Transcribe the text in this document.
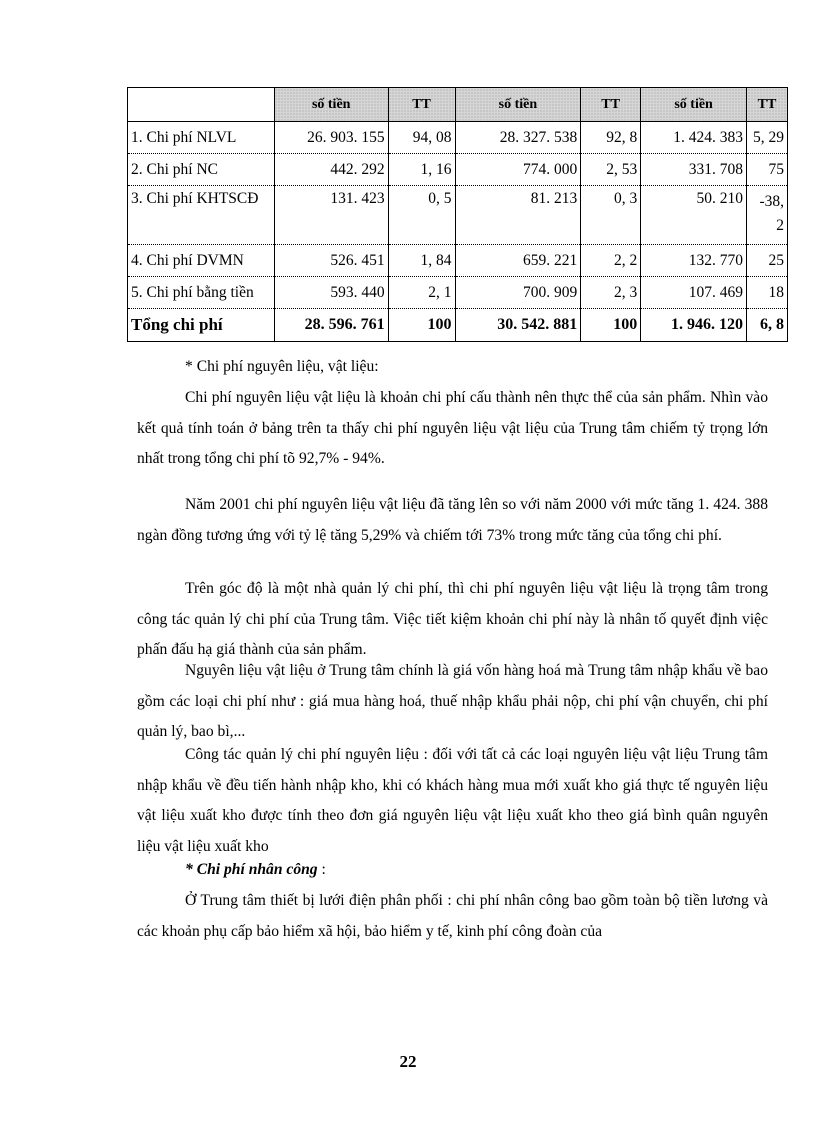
	số tiền	TT	số tiền	TT	số tiền	TT
1. Chi phí NLVL	26. 903. 155	94, 08	28. 327. 538	92, 8	1. 424. 383	5, 29
2. Chi phí NC	442. 292	1, 16	774. 000	2, 53	331. 708	75
3. Chi phí KHTSCĐ	131. 423	0, 5	81. 213	0, 3	50. 210	-38, 2
4. Chi phí DVMN	526. 451	1, 84	659. 221	2, 2	132. 770	25
5. Chi phí bằng tiền	593. 440	2, 1	700. 909	2, 3	107. 469	18
Tổng chi phí	28. 596. 761	100	30. 542. 881	100	1. 946. 120	6, 8

* Chi phí nguyên liệu, vật liệu:

Chi phí nguyên liệu vật liệu là khoản chi phí cấu thành nên thực thể của sản phẩm. Nhìn vào kết quả tính toán ở bảng trên ta thấy chi phí nguyên liệu vật liệu của Trung tâm chiếm tỷ trọng lớn nhất trong tổng chi phí tõ 92,7% - 94%.

Năm 2001 chi phí nguyên liệu vật liệu đã tăng lên so với năm 2000 với mức tăng 1. 424. 388 ngàn đồng tương ứng với tỷ lệ tăng 5,29% và chiếm tới 73% trong mức tăng của tổng chi phí.

Trên góc độ là một nhà quản lý chi phí, thì chi phí nguyên liệu vật liệu là trọng tâm trong công tác quản lý chi phí của Trung tâm. Việc tiết kiệm khoản chi phí này là nhân tố quyết định việc phấn đấu hạ giá thành của sản phẩm.

Nguyên liệu vật liệu ở Trung tâm chính là giá vốn hàng hoá mà Trung tâm nhập khẩu về bao gồm các loại chi phí như : giá mua hàng hoá, thuế nhập khẩu phải nộp, chi phí vận chuyển, chi phí quản lý, bao bì,...

Công tác quản lý chi phí nguyên liệu : đối với tất cả các loại nguyên liệu vật liệu Trung tâm nhập khẩu về đều tiến hành nhập kho, khi có khách hàng mua mới xuất kho giá thực tế nguyên liệu vật liệu xuất kho được tính theo đơn giá nguyên liệu vật liệu xuất kho theo giá bình quân nguyên liệu vật liệu xuất kho

* Chi phí nhân công :

Ở Trung tâm thiết bị lưới điện phân phối : chi phí nhân công bao gồm toàn bộ tiền lương và các khoản phụ cấp bảo hiểm xã hội, bảo hiểm y tế, kinh phí công đoàn của

22
